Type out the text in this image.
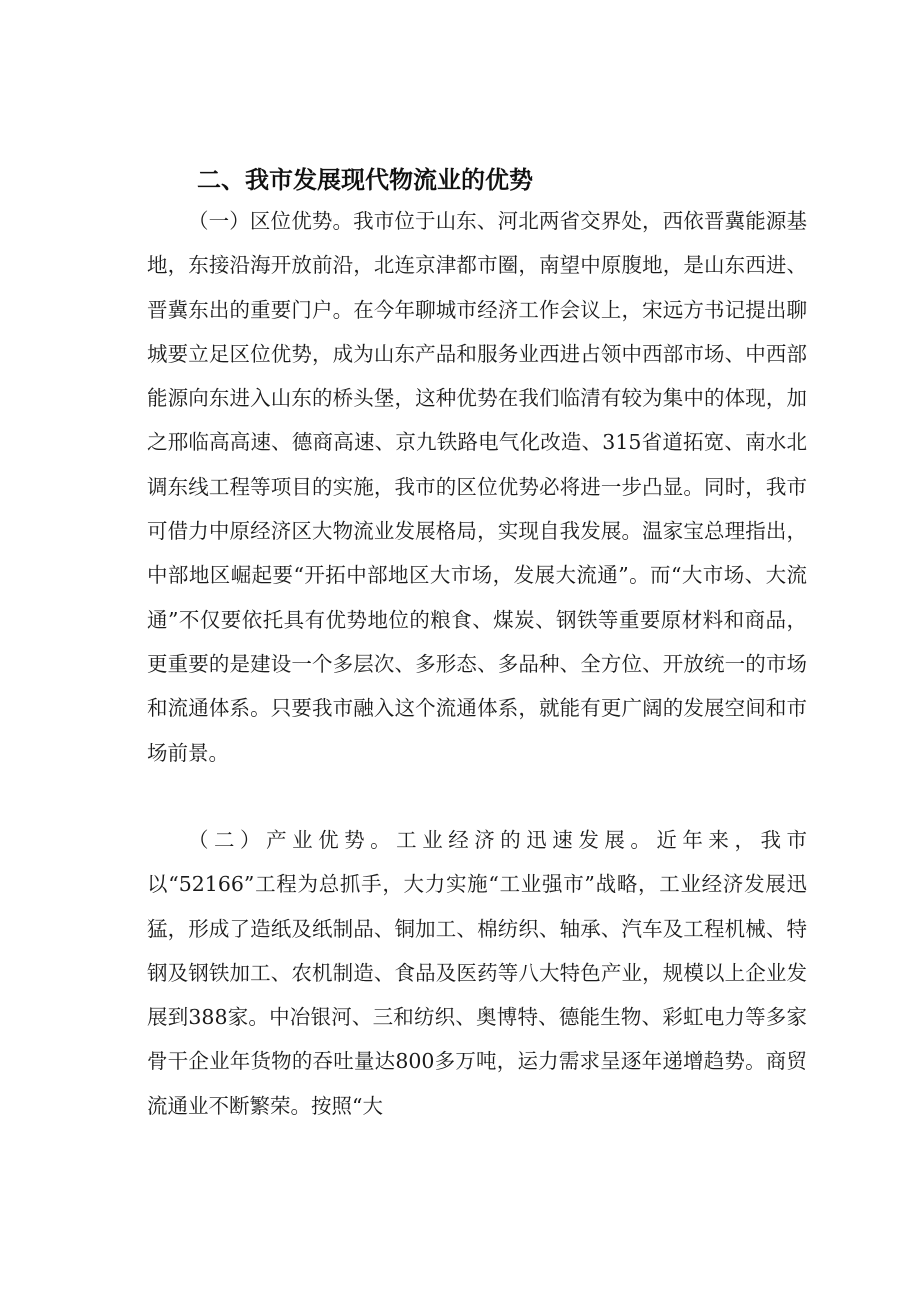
二、我市发展现代物流业的优势

（一）区位优势。我市位于山东、河北两省交界处，西依晋冀能源基地，东接沿海开放前沿，北连京津都市圈，南望中原腹地，是山东西进、晋冀东出的重要门户。在今年聊城市经济工作会议上，宋远方书记提出聊城要立足区位优势，成为山东产品和服务业西进占领中西部市场、中西部能源向东进入山东的桥头堡，这种优势在我们临清有较为集中的体现，加之邢临高高速、德商高速、京九铁路电气化改造、315省道拓宽、南水北调东线工程等项目的实施，我市的区位优势必将进一步凸显。同时，我市可借力中原经济区大物流业发展格局，实现自我发展。温家宝总理指出，中部地区崛起要“开拓中部地区大市场，发展大流通”。而“大市场、大流通”不仅要依托具有优势地位的粮食、煤炭、钢铁等重要原材料和商品，更重要的是建设一个多层次、多形态、多品种、全方位、开放统一的市场和流通体系。只要我市融入这个流通体系，就能有更广阔的发展空间和市场前景。

（二）产业优势。工业经济的迅速发展。近年来，我市以“52166”工程为总抓手，大力实施“工业强市”战略，工业经济发展迅猛，形成了造纸及纸制品、铜加工、棉纺织、轴承、汽车及工程机械、特钢及钢铁加工、农机制造、食品及医药等八大特色产业，规模以上企业发展到388家。中冶银河、三和纺织、奥博特、德能生物、彩虹电力等多家骨干企业年货物的吞吐量达800多万吨，运力需求呈逐年递增趋势。商贸流通业不断繁荣。按照“大
